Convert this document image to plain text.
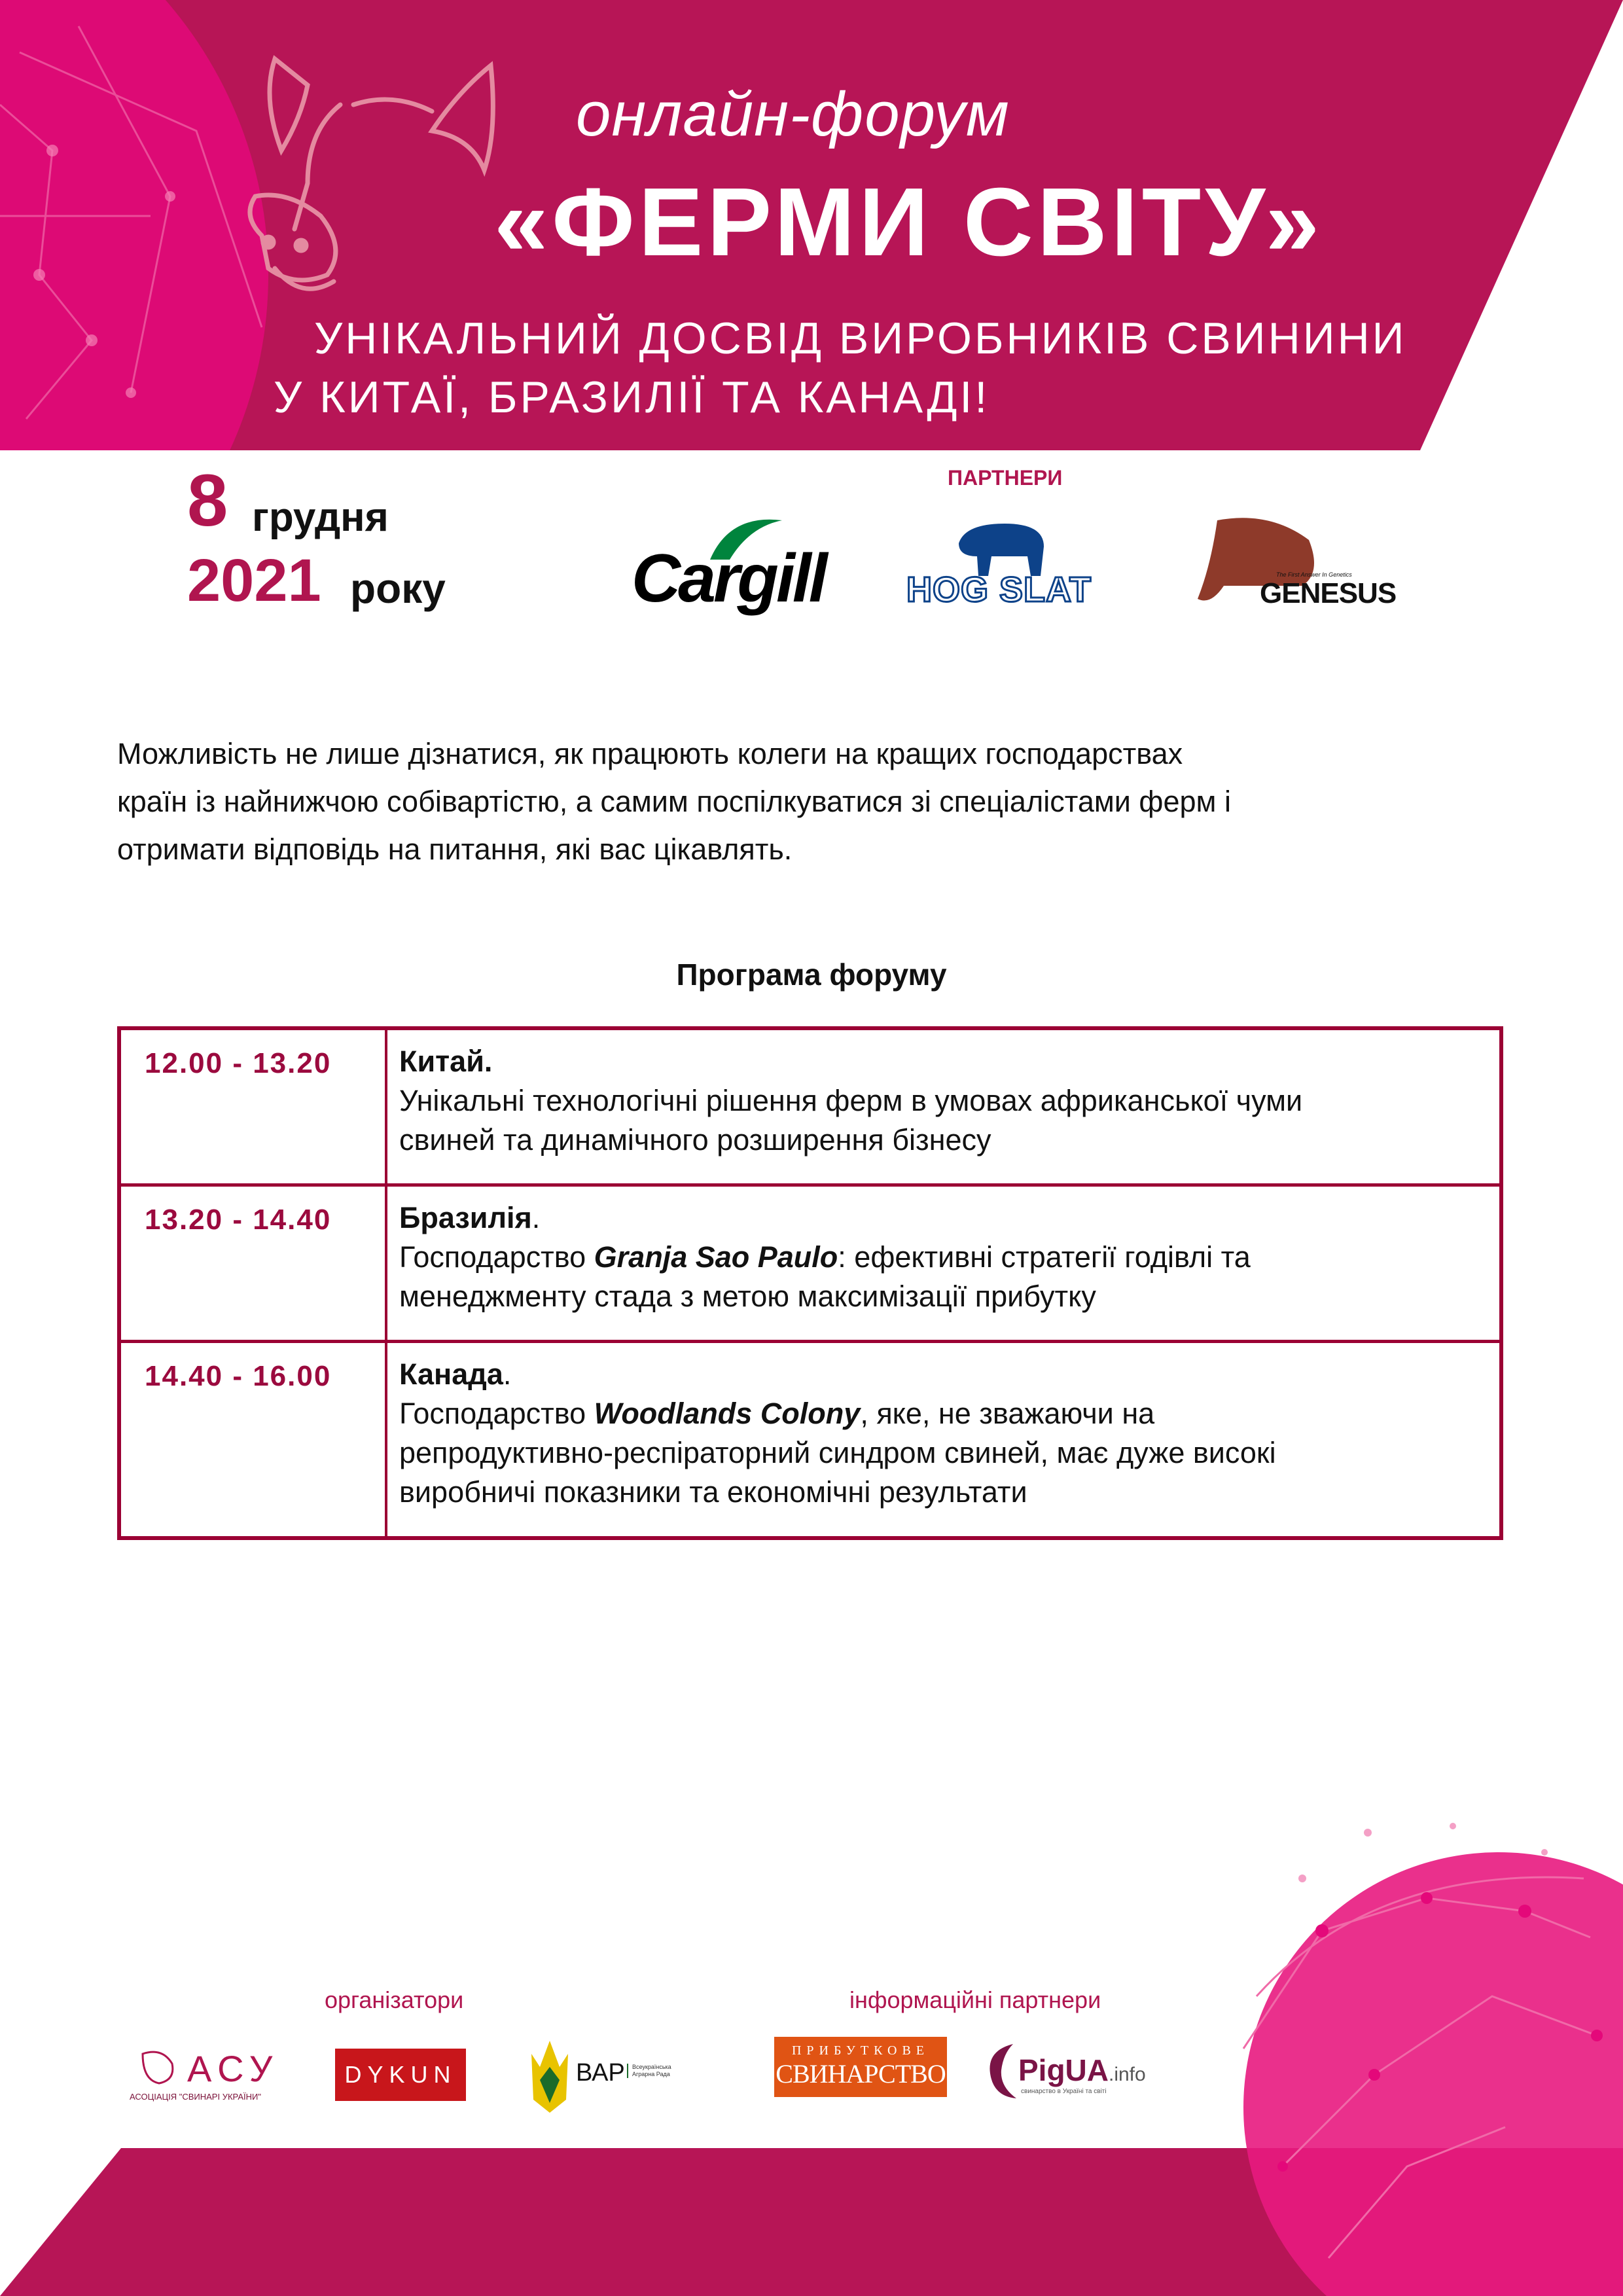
онлайн-форум
«ФЕРМИ СВІТУ»
УНІКАЛЬНИЙ ДОСВІД ВИРОБНИКІВ СВИНИНИ
У КИТАЇ, БРАЗИЛІЇ ТА КАНАДІ!
8 грудня
2021 року
ПАРТНЕРИ
Cargill HOG SLAT	GENESUS
The First Answer In Genetics
Можливість не лише дізнатися, як працюють колеги на кращих господарствах
країн із найнижчою собівартістю, а самим поспілкуватися зі спеціалістами ферм і
отримати відповідь на питання, які вас цікавлять.
Програма форуму
12.00 - 13.20	Китай.
Унікальні технологічні рішення ферм в умовах африканської чуми
свиней та динамічного розширення бізнесу
13.20 - 14.40	Бразилія.
Господарство Granja Sao Paulo: ефективні стратегії годівлі та
менеджменту стада з метою максимізації прибутку
14.40 - 16.00	Канада.
Господарство Woodlands Colony, яке, не зважаючи на
репродуктивно-респіраторний синдром свиней, має дуже високі
виробничі показники та економічні результати
організатори	інформаційні партнери
АСУ
АСОЦІАЦІЯ "СВИНАРІ УКРАЇНИ"
DYKUN	ВАР	Всеукраїнська Аграрна Рада
ПРИБУТКОВЕ
СВИНАРСТВО PigUA.info
свинарство в Україні та світі
